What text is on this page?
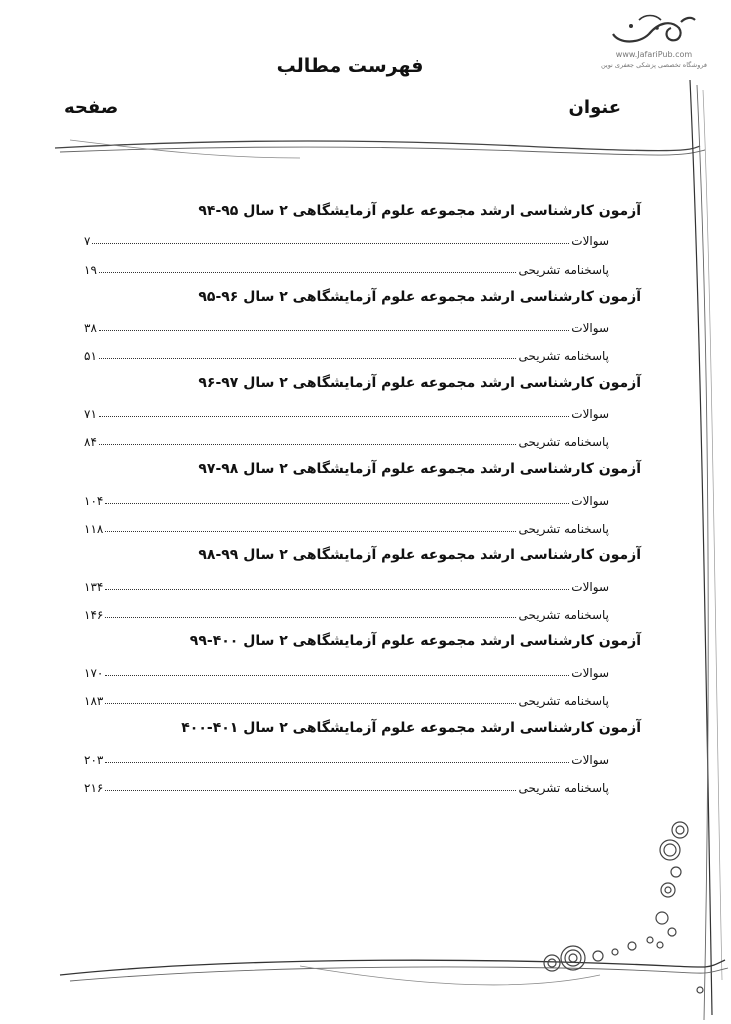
www.JafariPub.com
فروشگاه تخصصی پزشکی جعفری نوین
فهرست مطالب
عنوان
صفحه
آزمون کارشناسی ارشد مجموعه علوم آزمایشگاهی ۲ سال ۹۵-۹۴
سوالات
۷
پاسخنامه تشریحی
۱۹
آزمون کارشناسی ارشد مجموعه علوم آزمایشگاهی ۲ سال ۹۶-۹۵
سوالات
۳۸
پاسخنامه تشریحی
۵۱
آزمون کارشناسی ارشد مجموعه علوم آزمایشگاهی ۲ سال ۹۷-۹۶
سوالات
۷۱
پاسخنامه تشریحی
۸۴
آزمون کارشناسی ارشد مجموعه علوم آزمایشگاهی ۲ سال ۹۸-۹۷
سوالات
۱۰۴
پاسخنامه تشریحی
۱۱۸
آزمون کارشناسی ارشد مجموعه علوم آزمایشگاهی ۲ سال ۹۹-۹۸
سوالات
۱۳۴
پاسخنامه تشریحی
۱۴۶
آزمون کارشناسی ارشد مجموعه علوم آزمایشگاهی ۲ سال ۴۰۰-۹۹
سوالات
۱۷۰
پاسخنامه تشریحی
۱۸۳
آزمون کارشناسی ارشد مجموعه علوم آزمایشگاهی ۲ سال ۴۰۱-۴۰۰
سوالات
۲۰۳
پاسخنامه تشریحی
۲۱۶
